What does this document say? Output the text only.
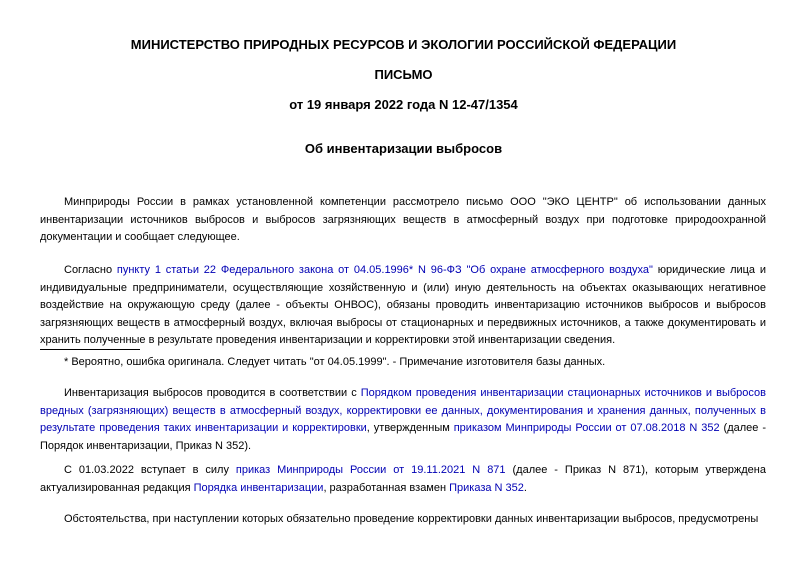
МИНИСТЕРСТВО ПРИРОДНЫХ РЕСУРСОВ И ЭКОЛОГИИ РОССИЙСКОЙ ФЕДЕРАЦИИ
ПИСЬМО
от 19 января 2022 года N 12-47/1354
Об инвентаризации выбросов
Минприроды России в рамках установленной компетенции рассмотрело письмо ООО "ЭКО ЦЕНТР" об использовании данных инвентаризации источников выбросов и выбросов загрязняющих веществ в атмосферный воздух при подготовке природоохранной документации и сообщает следующее.
Согласно пункту 1 статьи 22 Федерального закона от 04.05.1996* N 96-ФЗ "Об охране атмосферного воздуха" юридические лица и индивидуальные предприниматели, осуществляющие хозяйственную и (или) иную деятельность на объектах оказывающих негативное воздействие на окружающую среду (далее - объекты ОНВОС), обязаны проводить инвентаризацию источников выбросов и выбросов загрязняющих веществ в атмосферный воздух, включая выбросы от стационарных и передвижных источников, а также документировать и хранить полученные в результате проведения инвентаризации и корректировки этой инвентаризации сведения.
* Вероятно, ошибка оригинала. Следует читать "от 04.05.1999". - Примечание изготовителя базы данных.
Инвентаризация выбросов проводится в соответствии с Порядком проведения инвентаризации стационарных источников и выбросов вредных (загрязняющих) веществ в атмосферный воздух, корректировки ее данных, документирования и хранения данных, полученных в результате проведения таких инвентаризации и корректировки, утвержденным приказом Минприроды России от 07.08.2018 N 352 (далее - Порядок инвентаризации, Приказ N 352).
С 01.03.2022 вступает в силу приказ Минприроды России от 19.11.2021 N 871 (далее - Приказ N 871), которым утверждена актуализированная редакция Порядка инвентаризации, разработанная взамен Приказа N 352.
Обстоятельства, при наступлении которых обязательно проведение корректировки данных инвентаризации выбросов, предусмотрены
